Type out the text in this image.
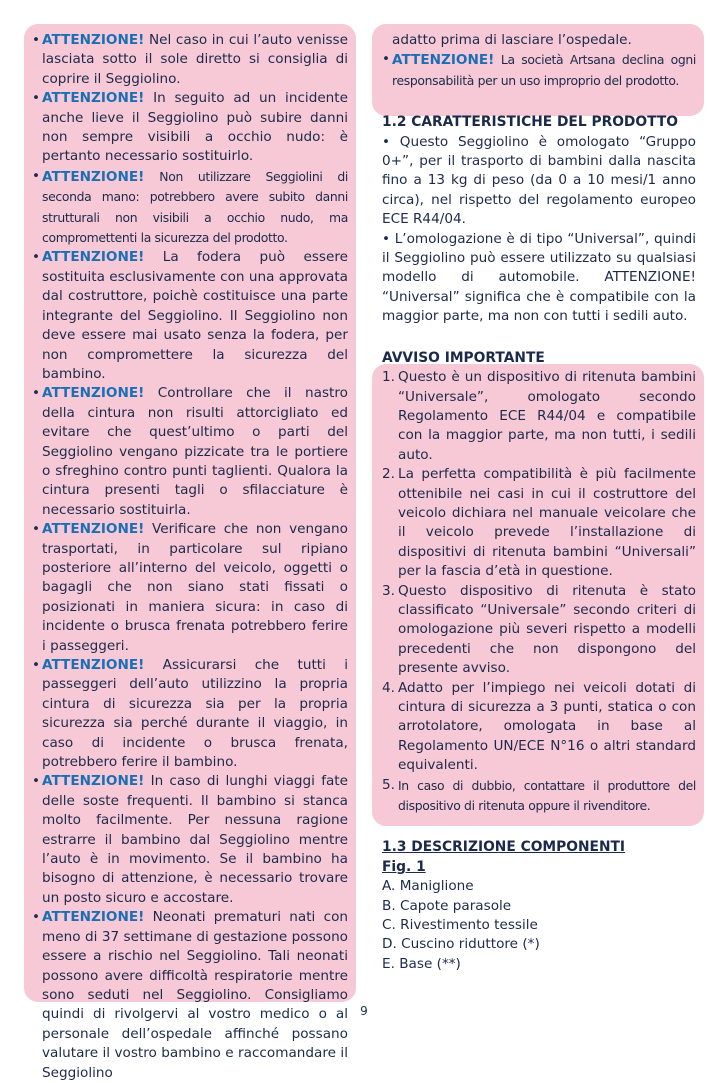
• ATTENZIONE! Nel caso in cui l’auto venisse lasciata sotto il sole diretto si consiglia di coprire il Seggiolino.

• ATTENZIONE! In seguito ad un incidente anche lieve il Seggiolino può subire danni non sempre visibili a occhio nudo: è pertanto necessario sostituirlo.

• ATTENZIONE! Non utilizzare Seggiolini di seconda mano: potrebbero avere subito danni strutturali non visibili a occhio nudo, ma compromettenti la sicurezza del prodotto.

• ATTENZIONE! La fodera può essere sostituita esclusivamente con una approvata dal costruttore, poichè costituisce una parte integrante del Seggiolino. Il Seggiolino non deve essere mai usato senza la fodera, per non compromettere la sicurezza del bambino.

• ATTENZIONE! Controllare che il nastro della cintura non risulti attorcigliato ed evitare che quest’ultimo o parti del Seggiolino vengano pizzicate tra le portiere o sfreghino contro punti taglienti. Qualora la cintura presenti tagli o sfilacciature è necessario sostituirla.

• ATTENZIONE! Verificare che non vengano trasportati, in particolare sul ripiano posteriore all’interno del veicolo, oggetti o bagagli che non siano stati fissati o posizionati in maniera sicura: in caso di incidente o brusca frenata potrebbero ferire i passeggeri.

• ATTENZIONE! Assicurarsi che tutti i passeggeri dell’auto utilizzino la propria cintura di sicurezza sia per la propria sicurezza sia perché durante il viaggio, in caso di incidente o brusca frenata, potrebbero ferire il bambino.

• ATTENZIONE! In caso di lunghi viaggi fate delle soste frequenti. Il bambino si stanca molto facilmente. Per nessuna ragione estrarre il bambino dal Seggiolino mentre l’auto è in movimento. Se il bambino ha bisogno di attenzione, è necessario trovare un posto sicuro e accostare.

• ATTENZIONE! Neonati prematuri nati con meno di 37 settimane di gestazione possono essere a rischio nel Seggiolino. Tali neonati possono avere difficoltà respiratorie mentre sono seduti nel Seggiolino. Consigliamo quindi di rivolgervi al vostro medico o al personale dell’ospedale affinché possano valutare il vostro bambino e raccomandare il Seggiolino

adatto prima di lasciare l’ospedale.

• ATTENZIONE! La società Artsana declina ogni responsabilità per un uso improprio del prodotto.

1.2 CARATTERISTICHE DEL PRODOTTO

• Questo Seggiolino è omologato “Gruppo 0+”, per il trasporto di bambini dalla nascita fino a 13 kg di peso (da 0 a 10 mesi/1 anno circa), nel rispetto del regolamento europeo ECE R44/04.

• L’omologazione è di tipo “Universal”, quindi il Seggiolino può essere utilizzato su qualsiasi modello di automobile. ATTENZIONE! “Universal” significa che è compatibile con la maggior parte, ma non con tutti i sedili auto.

AVVISO IMPORTANTE

1. Questo è un dispositivo di ritenuta bambini “Universale”, omologato secondo Regolamento ECE R44/04 e compatibile con la maggior parte, ma non tutti, i sedili auto.

2. La perfetta compatibilità è più facilmente ottenibile nei casi in cui il costruttore del veicolo dichiara nel manuale veicolare che il veicolo prevede l’installazione di dispositivi di ritenuta bambini “Universali” per la fascia d’età in questione.

3. Questo dispositivo di ritenuta è stato classificato “Universale” secondo criteri di omologazione più severi rispetto a modelli precedenti che non dispongono del presente avviso.

4. Adatto per l’impiego nei veicoli dotati di cintura di sicurezza a 3 punti, statica o con arrotolatore, omologata in base al Regolamento UN/ECE N°16 o altri standard equivalenti.

5. In caso di dubbio, contattare il produttore del dispositivo di ritenuta oppure il rivenditore.

1.3 DESCRIZIONE COMPONENTI

Fig. 1

A. Maniglione

B. Capote parasole

C. Rivestimento tessile

D. Cuscino riduttore (*)

E. Base (**)

9
